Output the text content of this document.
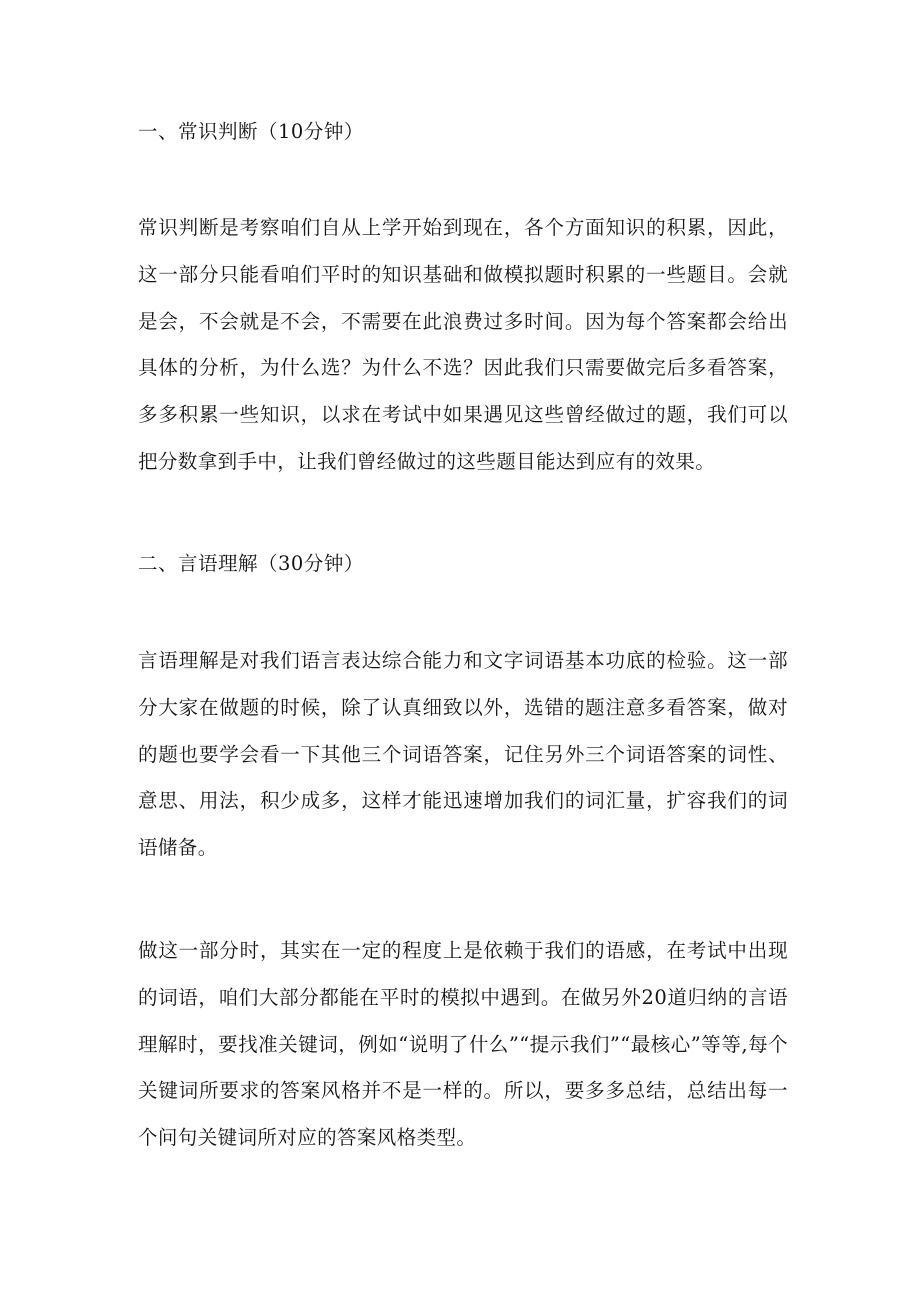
一、常识判断（10分钟）
常识判断是考察咱们自从上学开始到现在，各个方面知识的积累，因此，这一部分只能看咱们平时的知识基础和做模拟题时积累的一些题目。会就是会，不会就是不会，不需要在此浪费过多时间。因为每个答案都会给出具体的分析，为什么选？为什么不选？因此我们只需要做完后多看答案，多多积累一些知识，以求在考试中如果遇见这些曾经做过的题，我们可以把分数拿到手中，让我们曾经做过的这些题目能达到应有的效果。
二、言语理解（30分钟）
言语理解是对我们语言表达综合能力和文字词语基本功底的检验。这一部分大家在做题的时候，除了认真细致以外，选错的题注意多看答案，做对的题也要学会看一下其他三个词语答案，记住另外三个词语答案的词性、意思、用法，积少成多，这样才能迅速增加我们的词汇量，扩容我们的词语储备。
做这一部分时，其实在一定的程度上是依赖于我们的语感，在考试中出现的词语，咱们大部分都能在平时的模拟中遇到。在做另外20道归纳的言语理解时，要找准关键词，例如“说明了什么”“提示我们”“最核心”等等,每个关键词所要求的答案风格并不是一样的。所以，要多多总结，总结出每一个问句关键词所对应的答案风格类型。
